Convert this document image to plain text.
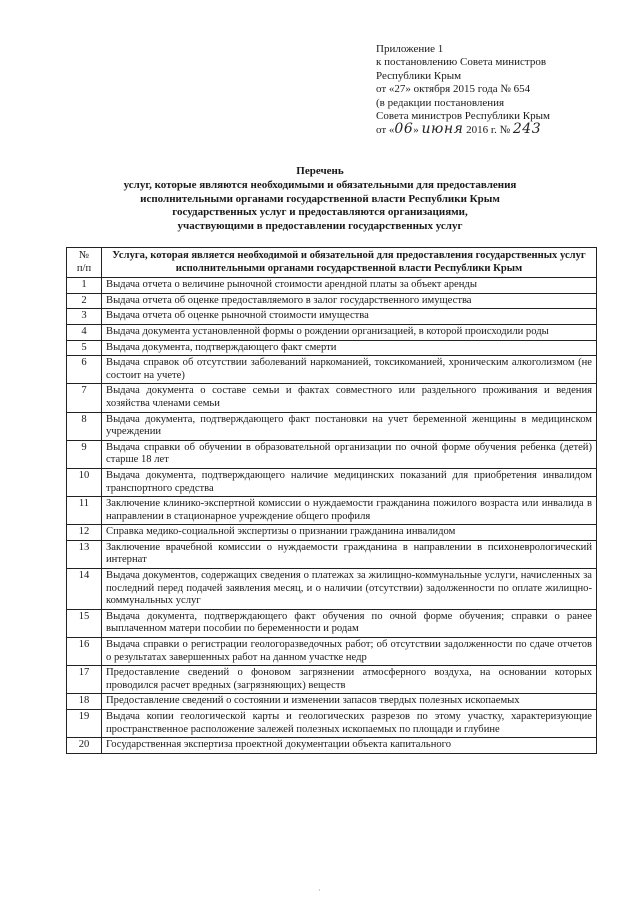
Приложение 1
к постановлению Совета министров
Республики Крым
от «27» октября 2015 года № 654
(в редакции постановления
Совета министров Республики Крым
от «06» июня 2016 г. № 243
Перечень
услуг, которые являются необходимыми и обязательными для предоставления
исполнительными органами государственной власти Республики Крым
государственных услуг и предоставляются организациями,
участвующими в предоставлении государственных услуг
№
п/п	Услуга, которая является необходимой и обязательной для предоставления государственных услуг исполнительными органами государственной власти Республики Крым
1	Выдача отчета о величине рыночной стоимости арендной платы за объект аренды
2	Выдача отчета об оценке предоставляемого в залог государственного имущества
3	Выдача отчета об оценке рыночной стоимости имущества
4	Выдача документа установленной формы о рождении организацией, в которой происходили роды
5	Выдача документа, подтверждающего факт смерти
6	Выдача справок об отсутствии заболеваний наркоманией, токсикоманией, хроническим алкоголизмом (не состоит на учете)
7	Выдача документа о составе семьи и фактах совместного или раздельного проживания и ведения хозяйства членами семьи
8	Выдача документа, подтверждающего факт постановки на учет беременной женщины в медицинском учреждении
9	Выдача справки об обучении в образовательной организации по очной форме обучения ребенка (детей) старше 18 лет
10	Выдача документа, подтверждающего наличие медицинских показаний для приобретения инвалидом транспортного средства
11	Заключение клинико-экспертной комиссии о нуждаемости гражданина пожилого возраста или инвалида в направлении в стационарное учреждение общего профиля
12	Справка медико-социальной экспертизы о признании гражданина инвалидом
13	Заключение врачебной комиссии о нуждаемости гражданина в направлении в психоневрологический интернат
14	Выдача документов, содержащих сведения о платежах за жилищно-коммунальные услуги, начисленных за последний перед подачей заявления месяц, и о наличии (отсутствии) задолженности по оплате жилищно-коммунальных услуг
15	Выдача документа, подтверждающего факт обучения по очной форме обучения; справки о ранее выплаченном матери пособии по беременности и родам
16	Выдача справки о регистрации геологоразведочных работ; об отсутствии задолженности по сдаче отчетов о результатах завершенных работ на данном участке недр
17	Предоставление сведений о фоновом загрязнении атмосферного воздуха, на основании которых проводился расчет вредных (загрязняющих) веществ
18	Предоставление сведений о состоянии и изменении запасов твердых полезных ископаемых
19	Выдача копии геологической карты и геологических разрезов по этому участку, характеризующие пространственное расположение залежей полезных ископаемых по площади и глубине
20	Государственная экспертиза проектной документации объекта капитального
·
